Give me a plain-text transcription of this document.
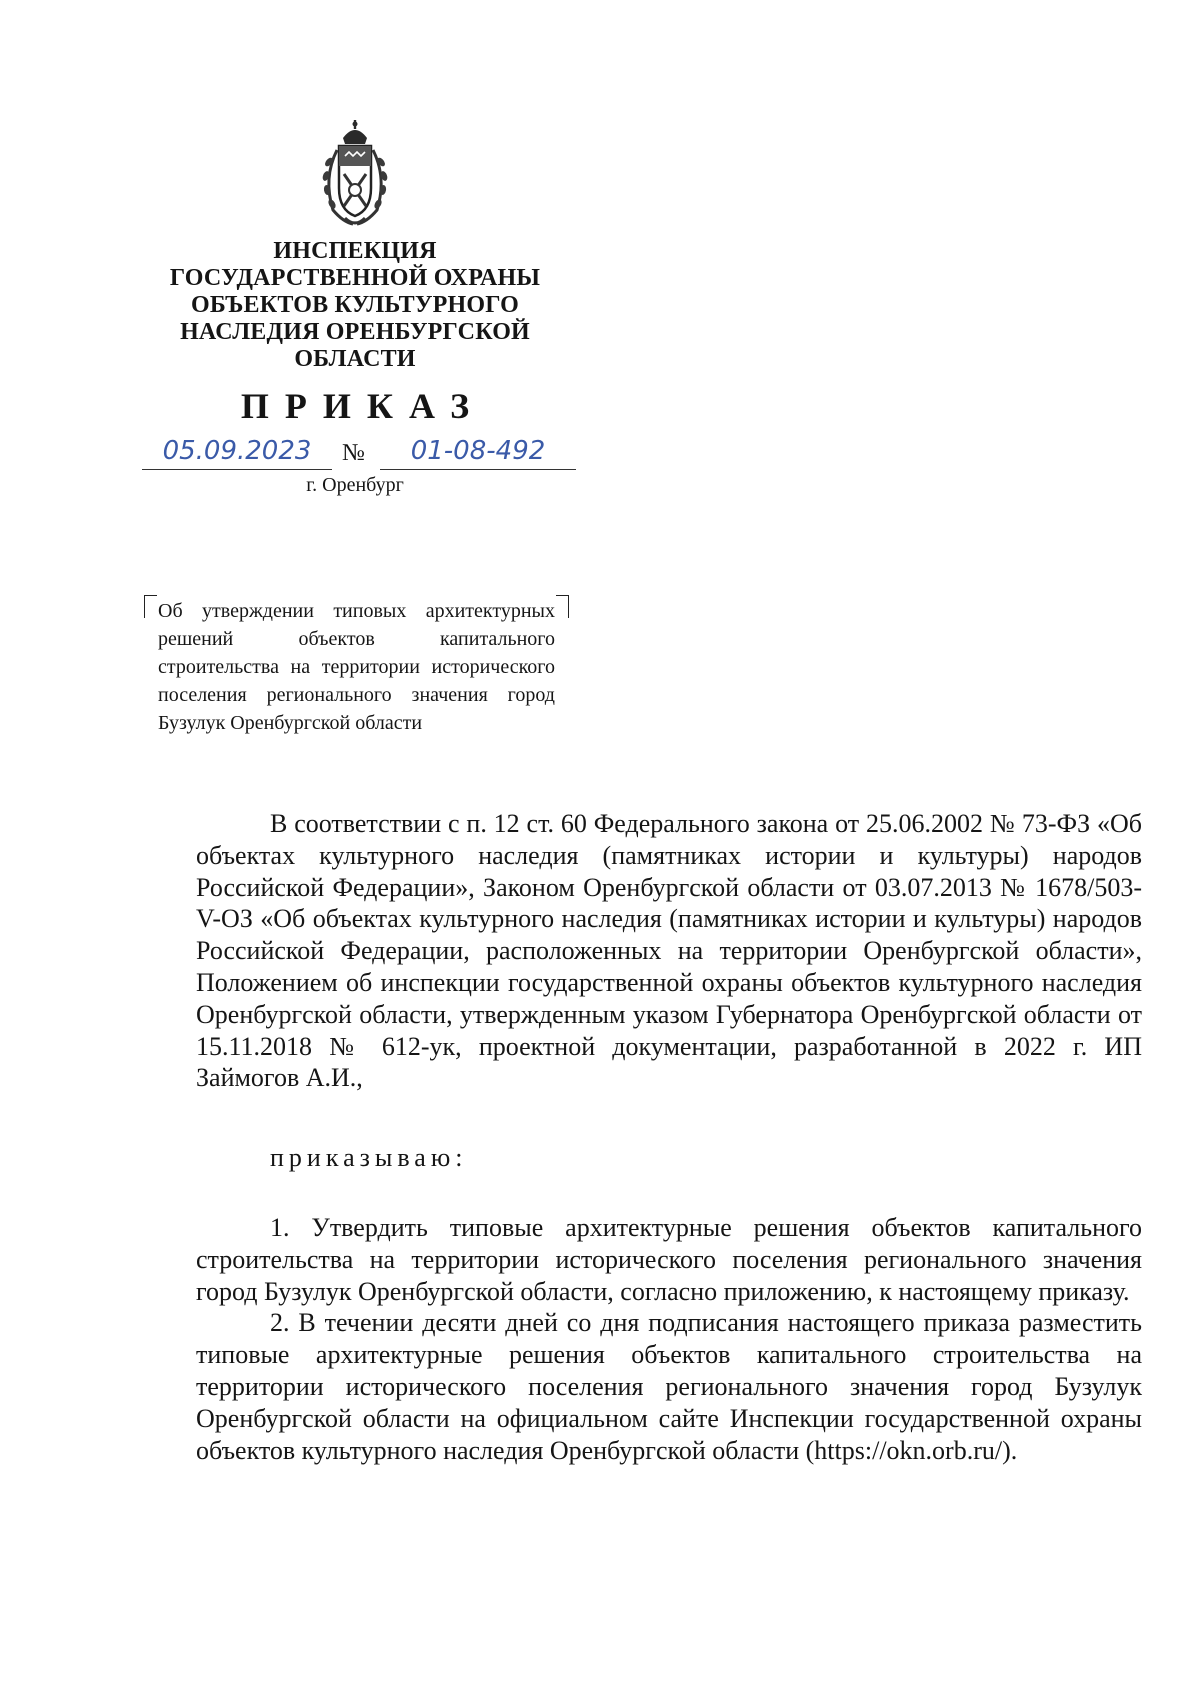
ИНСПЕКЦИЯ
ГОСУДАРСТВЕННОЙ ОХРАНЫ
ОБЪЕКТОВ КУЛЬТУРНОГО
НАСЛЕДИЯ ОРЕНБУРГСКОЙ
ОБЛАСТИ
ПРИКАЗ
05.09.2023	№	01-08-492
г. Оренбург

Об утверждении типовых архитектурных решений объектов капитального строительства на территории исторического поселения регионального значения город Бузулук Оренбургской области

В соответствии с п. 12 ст. 60 Федерального закона от 25.06.2002 № 73-ФЗ «Об объектах культурного наследия (памятниках истории и культуры) народов Российской Федерации», Законом Оренбургской области от 03.07.2013 № 1678/503-V-ОЗ «Об объектах культурного наследия (памятниках истории и культуры) народов Российской Федерации, расположенных на территории Оренбургской области», Положением об инспекции государственной охраны объектов культурного наследия Оренбургской области, утвержденным указом Губернатора Оренбургской области от 15.11.2018 № 612-ук, проектной документации, разработанной в 2022 г. ИП Займогов А.И.,

приказываю:

1. Утвердить типовые архитектурные решения объектов капитального строительства на территории исторического поселения регионального значения город Бузулук Оренбургской области, согласно приложению, к настоящему приказу.

2. В течении десяти дней со дня подписания настоящего приказа разместить типовые архитектурные решения объектов капитального строительства на территории исторического поселения регионального значения город Бузулук Оренбургской области на официальном сайте Инспекции государственной охраны объектов культурного наследия Оренбургской области (https://okn.orb.ru/).
